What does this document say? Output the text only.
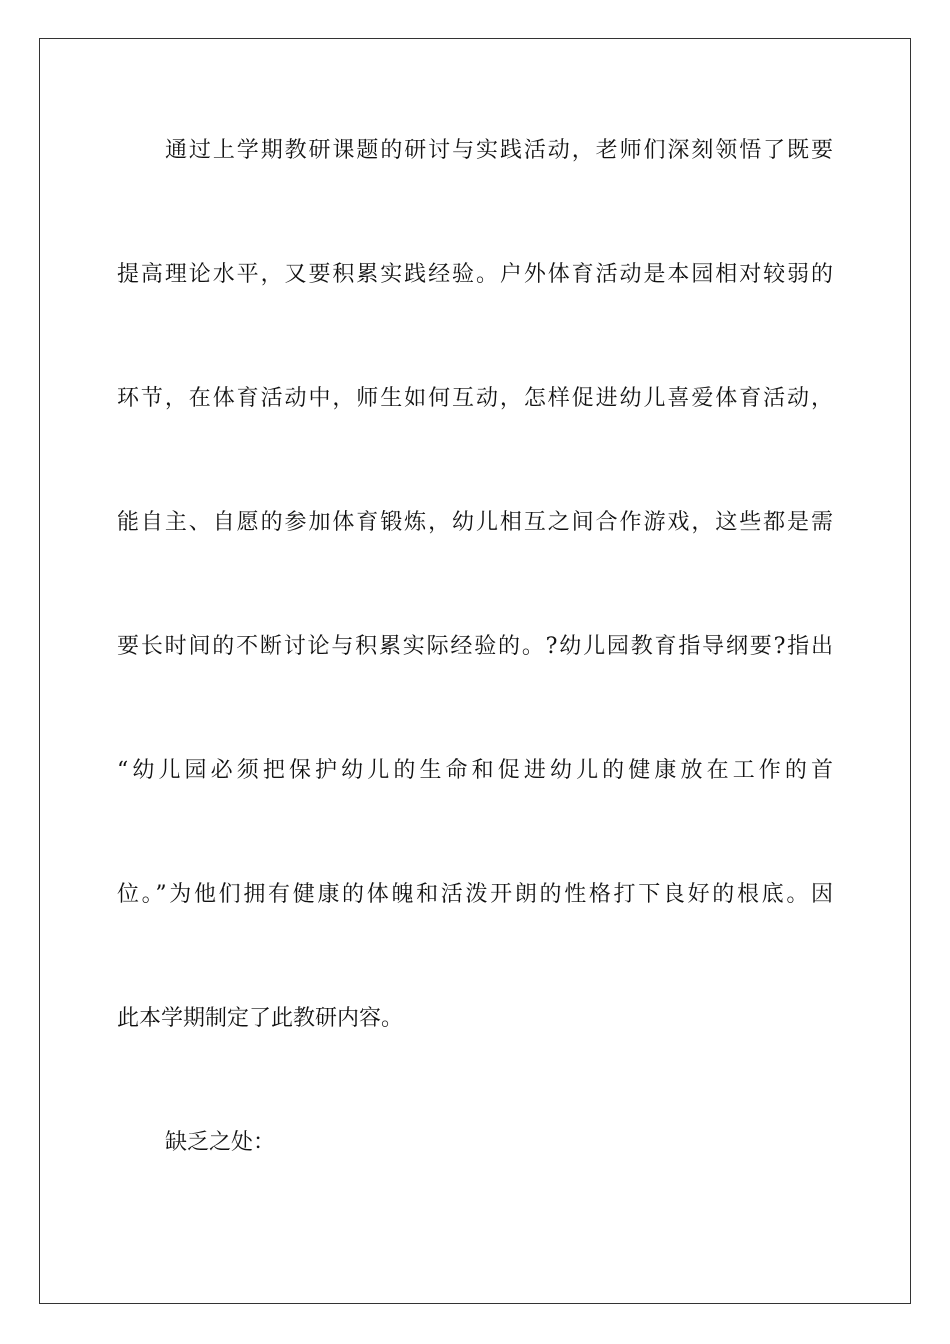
通过上学期教研课题的研讨与实践活动，老师们深刻领悟了既要
提高理论水平，又要积累实践经验。户外体育活动是本园相对较弱的
环节，在体育活动中，师生如何互动，怎样促进幼儿喜爱体育活动，
能自主、自愿的参加体育锻炼，幼儿相互之间合作游戏，这些都是需
要长时间的不断讨论与积累实际经验的。?幼儿园教育指导纲要?指出
“幼儿园必须把保护幼儿的生命和促进幼儿的健康放在工作的首
位。”为他们拥有健康的体魄和活泼开朗的性格打下良好的根底。因
此本学期制定了此教研内容。
缺乏之处：
